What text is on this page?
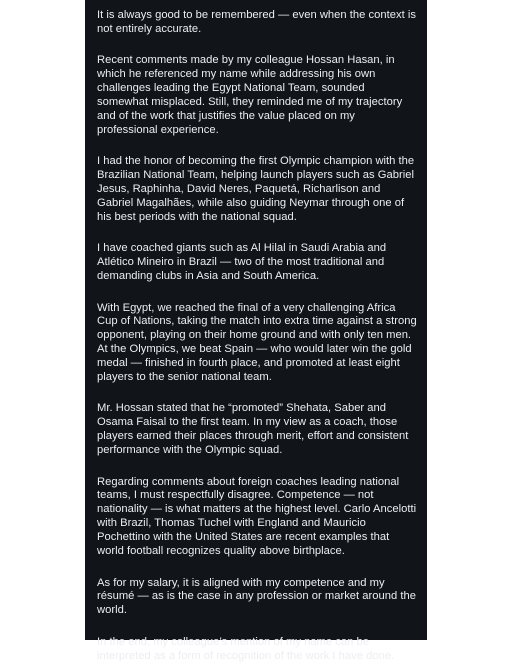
It is always good to be remembered — even when the context is not entirely accurate.

Recent comments made by my colleague Hossan Hasan, in which he referenced my name while addressing his own challenges leading the Egypt National Team, sounded somewhat misplaced. Still, they reminded me of my trajectory and of the work that justifies the value placed on my professional experience.

I had the honor of becoming the first Olympic champion with the Brazilian National Team, helping launch players such as Gabriel Jesus, Raphinha, David Neres, Paquetá, Richarlison and Gabriel Magalhães, while also guiding Neymar through one of his best periods with the national squad.

I have coached giants such as Al Hilal in Saudi Arabia and Atlético Mineiro in Brazil — two of the most traditional and demanding clubs in Asia and South America.

With Egypt, we reached the final of a very challenging Africa Cup of Nations, taking the match into extra time against a strong opponent, playing on their home ground and with only ten men.

At the Olympics, we beat Spain — who would later win the gold medal — finished in fourth place, and promoted at least eight players to the senior national team.

Mr. Hossan stated that he “promoted” Shehata, Saber and Osama Faisal to the first team. In my view as a coach, those players earned their places through merit, effort and consistent performance with the Olympic squad.

Regarding comments about foreign coaches leading national teams, I must respectfully disagree. Competence — not nationality — is what matters at the highest level. Carlo Ancelotti with Brazil, Thomas Tuchel with England and Mauricio Pochettino with the United States are recent examples that world football recognizes quality above birthplace.

As for my salary, it is aligned with my competence and my résumé — as is the case in any profession or market around the world.

In the end, my colleague’s mention of my name can be interpreted as a form of recognition of the work I have done.
